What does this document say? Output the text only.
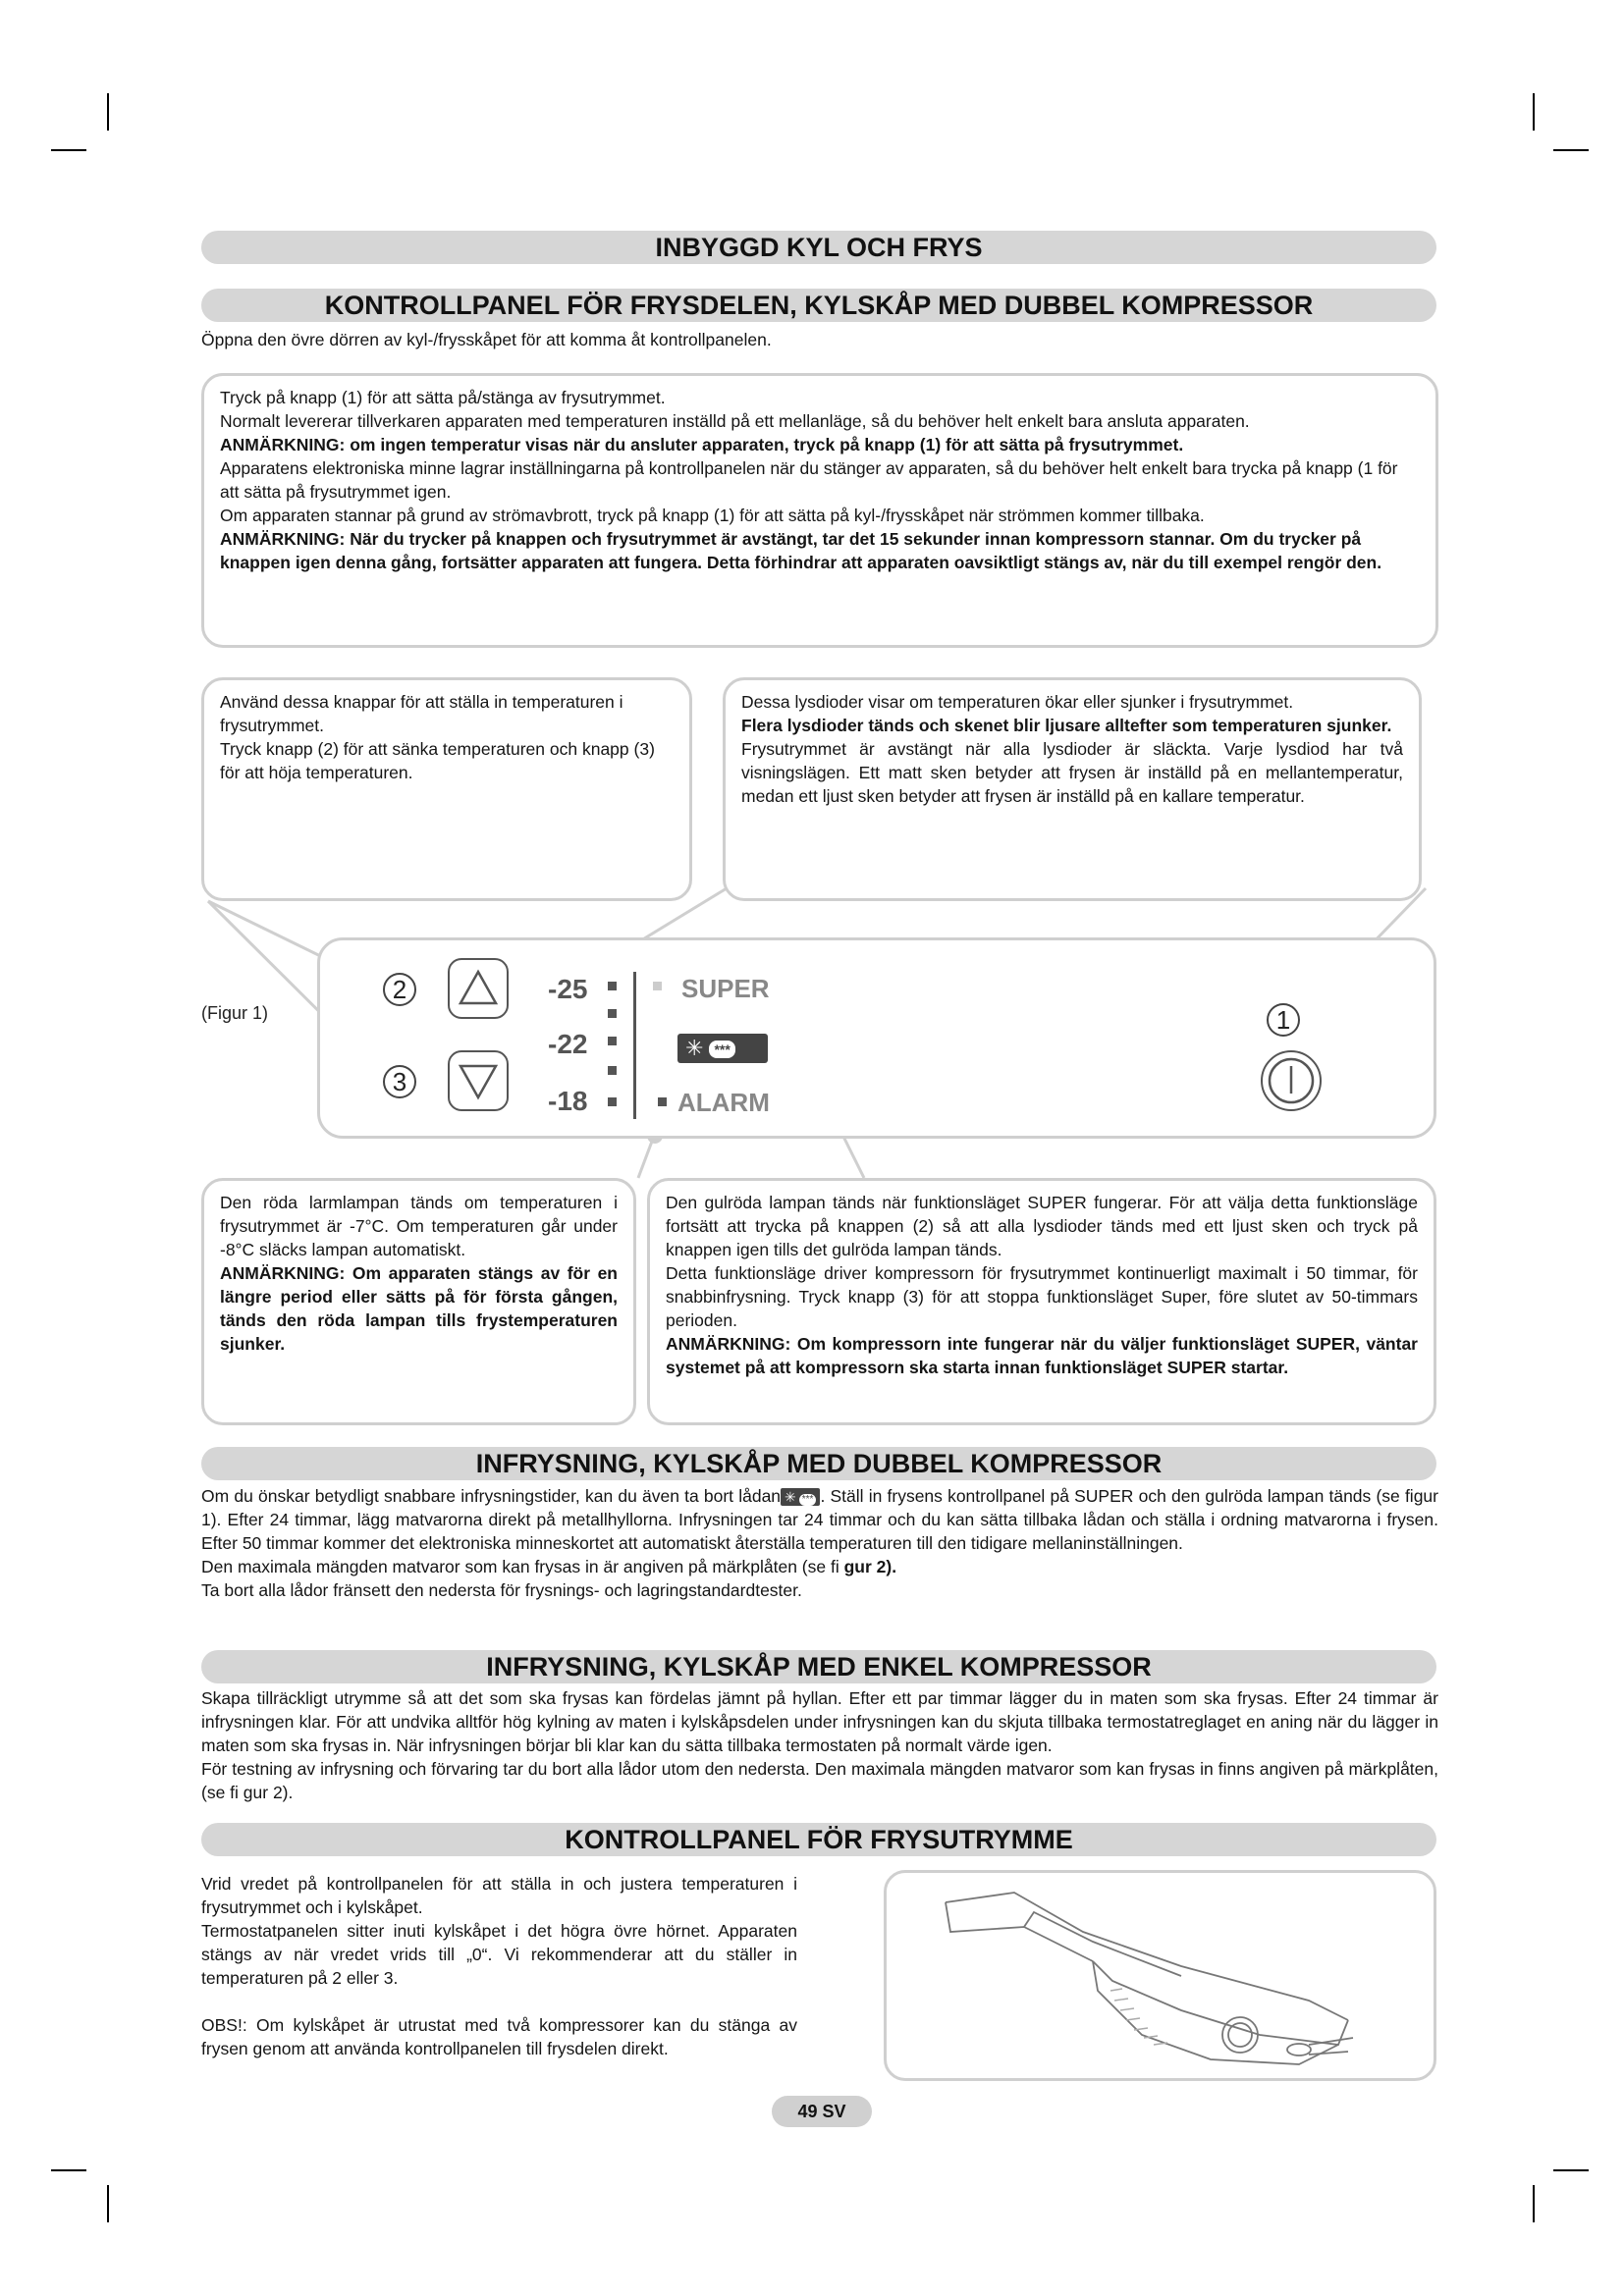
INBYGGD KYL OCH FRYS
KONTROLLPANEL FÖR FRYSDELEN, KYLSKÅP MED DUBBEL KOMPRESSOR
Öppna den övre dörren av kyl-/frysskåpet för att komma åt kontrollpanelen.

Tryck på knapp (1) för att sätta på/stänga av frysutrymmet.

Normalt levererar tillverkaren apparaten med temperaturen inställd på ett mellanläge, så du behöver helt enkelt bara ansluta apparaten.

ANMÄRKNING: om ingen temperatur visas när du ansluter apparaten, tryck på knapp (1) för att sätta på frysutrymmet.

Apparatens elektroniska minne lagrar inställningarna på kontrollpanelen när du stänger av apparaten, så du behöver helt enkelt bara trycka på knapp (1 för att sätta på frysutrymmet igen.

Om apparaten stannar på grund av strömavbrott, tryck på knapp (1) för att sätta på kyl-/frysskåpet när strömmen kommer tillbaka.

ANMÄRKNING: När du trycker på knappen och frysutrymmet är avstängt, tar det 15 sekunder innan kompressorn stannar. Om du trycker på knappen igen denna gång, fortsätter apparaten att fungera. Detta förhindrar att apparaten oavsiktligt stängs av, när du till exempel rengör den.

Använd dessa knappar för att ställa in temperaturen i frysutrymmet.

Tryck knapp (2) för att sänka temperaturen och knapp (3) för att höja temperaturen.

Dessa lysdioder visar om temperaturen ökar eller sjunker i frysutrymmet.

Flera lysdioder tänds och skenet blir ljusare alltefter som temperaturen sjunker.

Frysutrymmet är avstängt när alla lysdioder är släckta. Varje lysdiod har två visningslägen. Ett matt sken betyder att frysen är inställd på en mellantemperatur, medan ett ljust sken betyder att frysen är inställd på en kallare temperatur.

(Figur 1)
2
3
1
-25
-22
-18
SUPER
✳ ***
ALARM

Den röda larmlampan tänds om temperaturen i frysutrymmet är -7°C. Om temperaturen går under -8°C släcks lampan automatiskt.

ANMÄRKNING: Om apparaten stängs av för en längre period eller sätts på för första gången, tänds den röda lampan tills frystemperaturen sjunker.

Den gulröda lampan tänds när funktionsläget SUPER fungerar. För att välja detta funktionsläge fortsätt att trycka på knappen (2) så att alla lysdioder tänds med ett ljust sken och tryck på knappen igen tills det gulröda lampan tänds.

Detta funktionsläge driver kompressorn för frysutrymmet kontinuerligt maximalt i 50 timmar, för snabbinfrysning. Tryck knapp (3) för att stoppa funktionsläget Super, före slutet av 50-timmars perioden.

ANMÄRKNING: Om kompressorn inte fungerar när du väljer funktionsläget SUPER, väntar systemet på att kompressorn ska starta innan funktionsläget SUPER startar.

INFRYSNING, KYLSKÅP MED DUBBEL KOMPRESSOR

Om du önskar betydligt snabbare infrysningstider, kan du även ta bort lådan ✳ *** . Ställ in frysens kontrollpanel på SUPER och den gulröda lampan tänds (se figur 1). Efter 24 timmar, lägg matvarorna direkt på metallhyllorna. Infrysningen tar 24 timmar och du kan sätta tillbaka lådan och ställa i ordning matvarorna i frysen. Efter 50 timmar kommer det elektroniska minneskortet att automatiskt återställa temperaturen till den tidigare mellaninställningen.

Den maximala mängden matvaror som kan frysas in är angiven på märkplåten (se fi gur 2).

Ta bort alla lådor fränsett den nedersta för frysnings- och lagringstandardtester.

INFRYSNING, KYLSKÅP MED ENKEL KOMPRESSOR

Skapa tillräckligt utrymme så att det som ska frysas kan fördelas jämnt på hyllan. Efter ett par timmar lägger du in maten som ska frysas. Efter 24 timmar är infrysningen klar. För att undvika alltför hög kylning av maten i kylskåpsdelen under infrysningen kan du skjuta tillbaka termostatreglaget en aning när du lägger in maten som ska frysas in. När infrysningen börjar bli klar kan du sätta tillbaka termostaten på normalt värde igen.

För testning av infrysning och förvaring tar du bort alla lådor utom den nedersta. Den maximala mängden matvaror som kan frysas in finns angiven på märkplåten, (se fi gur 2).

KONTROLLPANEL FÖR FRYSUTRYMME

Vrid vredet på kontrollpanelen för att ställa in och justera temperaturen i frysutrymmet och i kylskåpet.

Termostatpanelen sitter inuti kylskåpet i det högra övre hörnet. Apparaten stängs av när vredet vrids till „0“. Vi rekommenderar att du ställer in temperaturen på 2 eller 3.

OBS!: Om kylskåpet är utrustat med två kompressorer kan du stänga av frysen genom att använda kontrollpanelen till frysdelen direkt.

49 SV
